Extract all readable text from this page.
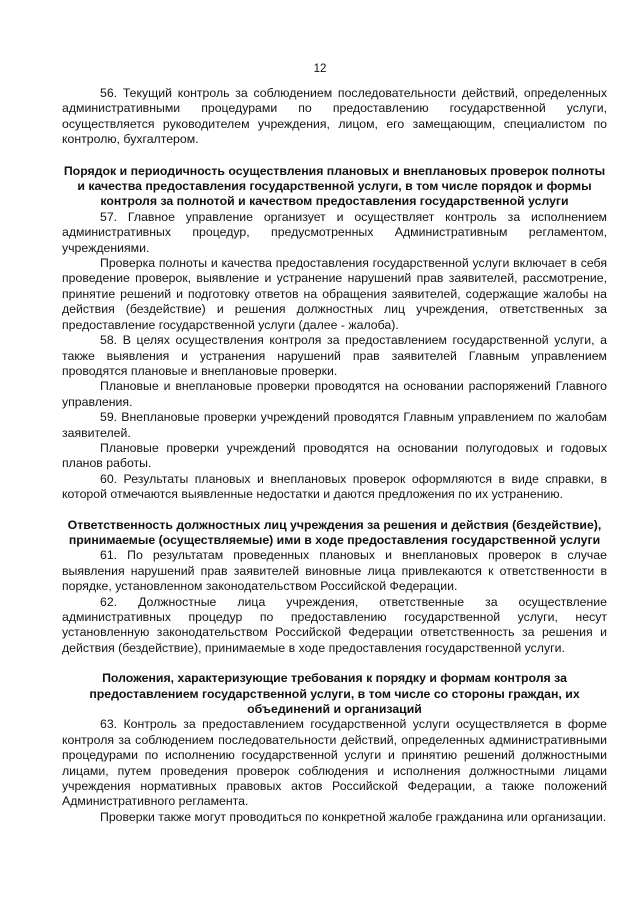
12

56. Текущий контроль за соблюдением последовательности действий, определенных административными процедурами по предоставлению государственной услуги, осуществляется руководителем учреждения, лицом, его замещающим, специалистом по контролю, бухгалтером.

Порядок и периодичность осуществления плановых и внеплановых проверок полноты и качества предоставления государственной услуги, в том числе порядок и формы контроля за полнотой и качеством предоставления государственной услуги

57. Главное управление организует и осуществляет контроль за исполнением административных процедур, предусмотренных Административным регламентом, учреждениями.

Проверка полноты и качества предоставления государственной услуги включает в себя проведение проверок, выявление и устранение нарушений прав заявителей, рассмотрение, принятие решений и подготовку ответов на обращения заявителей, содержащие жалобы на действия (бездействие) и решения должностных лиц учреждения, ответственных за предоставление государственной услуги (далее - жалоба).

58. В целях осуществления контроля за предоставлением государственной услуги, а также выявления и устранения нарушений прав заявителей Главным управлением проводятся плановые и внеплановые проверки.

Плановые и внеплановые проверки проводятся на основании распоряжений Главного управления.

59. Внеплановые проверки учреждений проводятся Главным управлением по жалобам заявителей.

Плановые проверки учреждений проводятся на основании полугодовых и годовых планов работы.

60. Результаты плановых и внеплановых проверок оформляются в виде справки, в которой отмечаются выявленные недостатки и даются предложения по их устранению.

Ответственность должностных лиц учреждения за решения и действия (бездействие), принимаемые (осуществляемые) ими в ходе предоставления государственной услуги

61. По результатам проведенных плановых и внеплановых проверок в случае выявления нарушений прав заявителей виновные лица привлекаются к ответственности в порядке, установленном законодательством Российской Федерации.

62. Должностные лица учреждения, ответственные за осуществление административных процедур по предоставлению государственной услуги, несут установленную законодательством Российской Федерации ответственность за решения и действия (бездействие), принимаемые в ходе предоставления государственной услуги.

Положения, характеризующие требования к порядку и формам контроля за предоставлением государственной услуги, в том числе со стороны граждан, их объединений и организаций

63. Контроль за предоставлением государственной услуги осуществляется в форме контроля за соблюдением последовательности действий, определенных административными процедурами по исполнению государственной услуги и принятию решений должностными лицами, путем проведения проверок соблюдения и исполнения должностными лицами учреждения нормативных правовых актов Российской Федерации, а также положений Административного регламента.

Проверки также могут проводиться по конкретной жалобе гражданина или организации.
